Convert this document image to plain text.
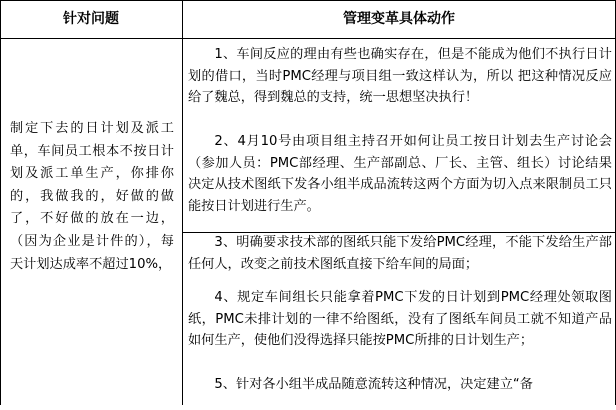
针对问题	管理变革具体动作
制定下去的日计划及派工单，车间员工根本不按日计划及派工单生产，你排你的，我做我的，好做的做了，不好做的放在一边，（因为企业是计件的），每天计划达成率不超过10%，
1、车间反应的理由有些也确实存在，但是不能成为他们不执行日计划的借口，当时PMC经理与项目组一致这样认为，所以 把这种情况反应给了魏总，得到魏总的支持，统一思想坚决执行！
2、4月10号由项目组主持召开如何让员工按日计划去生产讨论会（参加人员：PMC部经理、生产部副总、厂长、主管、组长）讨论结果决定从技术图纸下发各小组半成品流转这两个方面为切入点来限制员工只能按日计划进行生产。
3、明确要求技术部的图纸只能下发给PMC经理，不能下发给生产部任何人，改变之前技术图纸直接下给车间的局面；
4、规定车间组长只能拿着PMC下发的日计划到PMC经理处领取图纸，PMC未排计划的一律不给图纸，没有了图纸车间员工就不知道产品如何生产，使他们没得选择只能按PMC所排的日计划生产；
5、针对各小组半成品随意流转这种情况，决定建立“备
